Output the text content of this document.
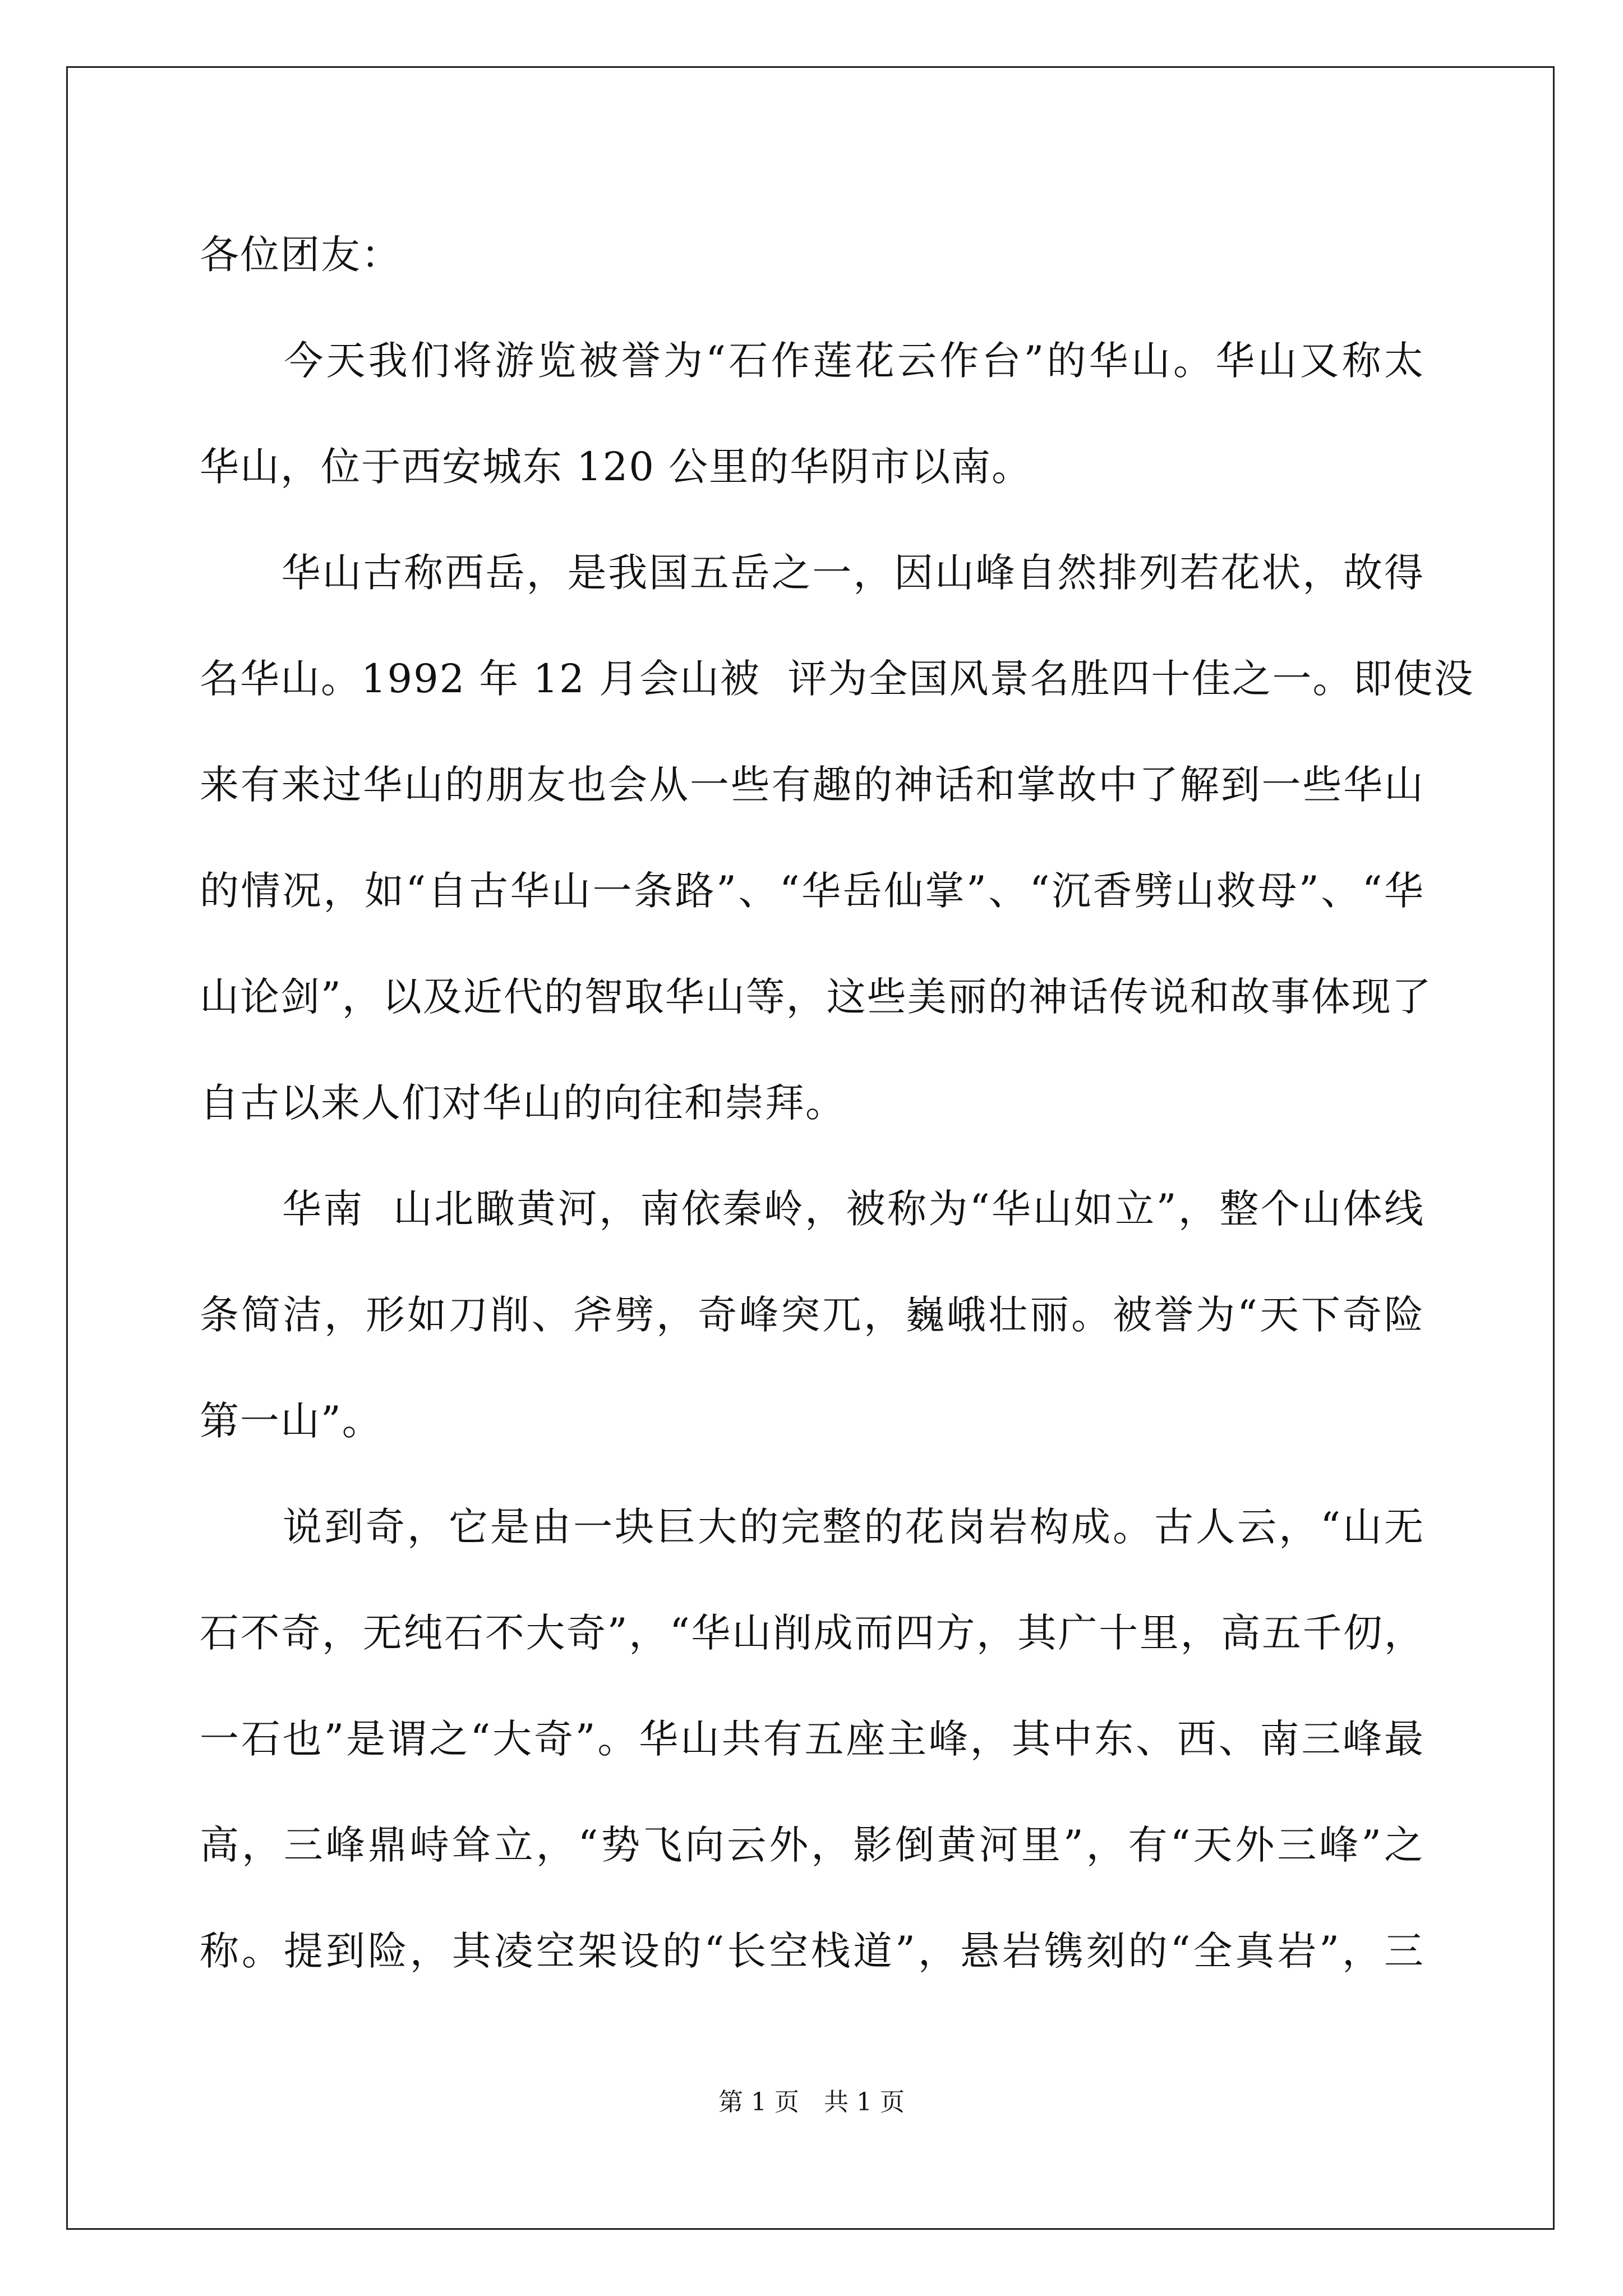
各位团友：
　　今天我们将游览被誉为“石作莲花云作台”的华山。华山又称太
华山，位于西安城东 120 公里的华阴市以南。
　　华山古称西岳，是我国五岳之一，因山峰自然排列若花状，故得
名华山。1992 年 12 月会山被  评为全国风景名胜四十佳之一。即使没
来有来过华山的朋友也会从一些有趣的神话和掌故中了解到一些华山
的情况，如“自古华山一条路”、“华岳仙掌”、“沉香劈山救母”、“华
山论剑”，以及近代的智取华山等，这些美丽的神话传说和故事体现了
自古以来人们对华山的向往和崇拜。
　　华南  山北瞰黄河，南依秦岭，被称为“华山如立”，整个山体线
条简洁，形如刀削、斧劈，奇峰突兀，巍峨壮丽。被誉为“天下奇险
第一山”。
　　说到奇，它是由一块巨大的完整的花岗岩构成。古人云，“山无
石不奇，无纯石不大奇”，“华山削成而四方，其广十里，高五千仞，
一石也”是谓之“大奇”。华山共有五座主峰，其中东、西、南三峰最
高，三峰鼎峙耸立，“势飞向云外，影倒黄河里”，有“天外三峰”之
称。提到险，其凌空架设的“长空栈道”，悬岩镌刻的“全真岩”，三
第 1 页 共 1 页
